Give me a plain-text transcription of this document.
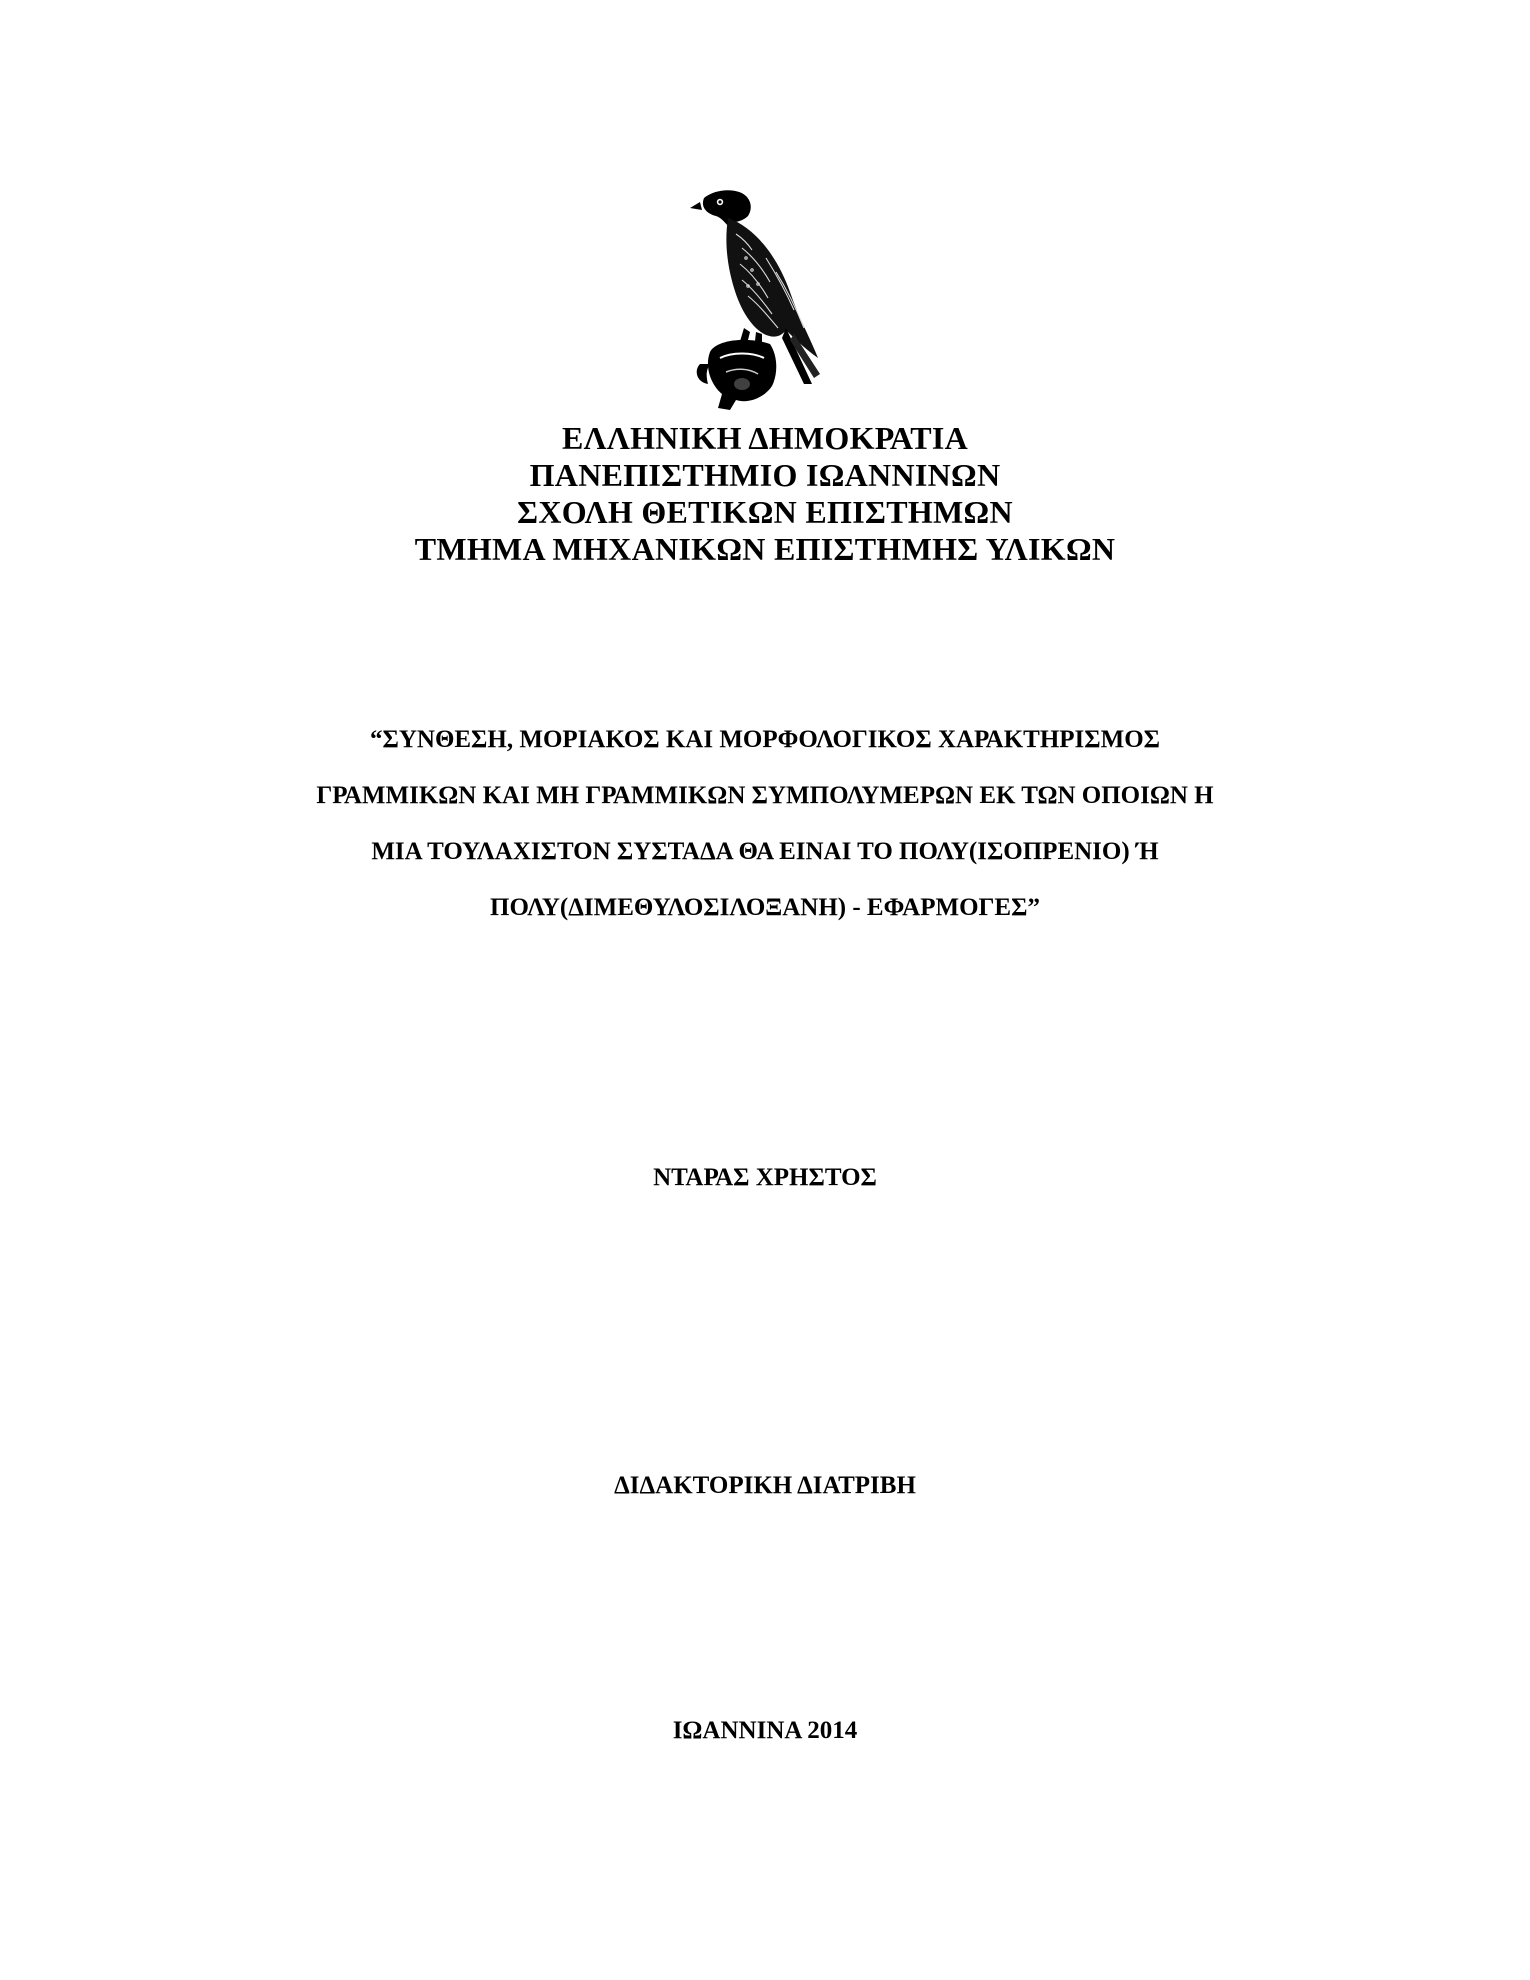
ΕΛΛΗΝΙΚΗ ΔΗΜΟΚΡΑΤΙΑ
ΠΑΝΕΠΙΣΤΗΜΙΟ ΙΩΑΝΝΙΝΩΝ
ΣΧΟΛΗ ΘΕΤΙΚΩΝ ΕΠΙΣΤΗΜΩΝ
ΤΜΗΜΑ ΜΗΧΑΝΙΚΩΝ ΕΠΙΣΤΗΜΗΣ ΥΛΙΚΩΝ
“ΣΥΝΘΕΣΗ, ΜΟΡΙΑΚΟΣ ΚΑΙ ΜΟΡΦΟΛΟΓΙΚΟΣ ΧΑΡΑΚΤΗΡΙΣΜΟΣ
ΓΡΑΜΜΙΚΩΝ ΚΑΙ ΜΗ ΓΡΑΜΜΙΚΩΝ ΣΥΜΠΟΛΥΜΕΡΩΝ ΕΚ ΤΩΝ ΟΠΟΙΩΝ Η
ΜΙΑ ΤΟΥΛΑΧΙΣΤΟΝ ΣΥΣΤΑΔΑ ΘΑ ΕΙΝΑΙ ΤΟ ΠΟΛΥ(ΙΣΟΠΡΕΝΙΟ) Ή
ΠΟΛΥ(ΔΙΜΕΘΥΛΟΣΙΛΟΞΑΝΗ) - ΕΦΑΡΜΟΓΕΣ”
ΝΤΑΡΑΣ ΧΡΗΣΤΟΣ
ΔΙΔΑΚΤΟΡΙΚΗ ΔΙΑΤΡΙΒΗ
ΙΩΑΝΝΙΝΑ 2014
